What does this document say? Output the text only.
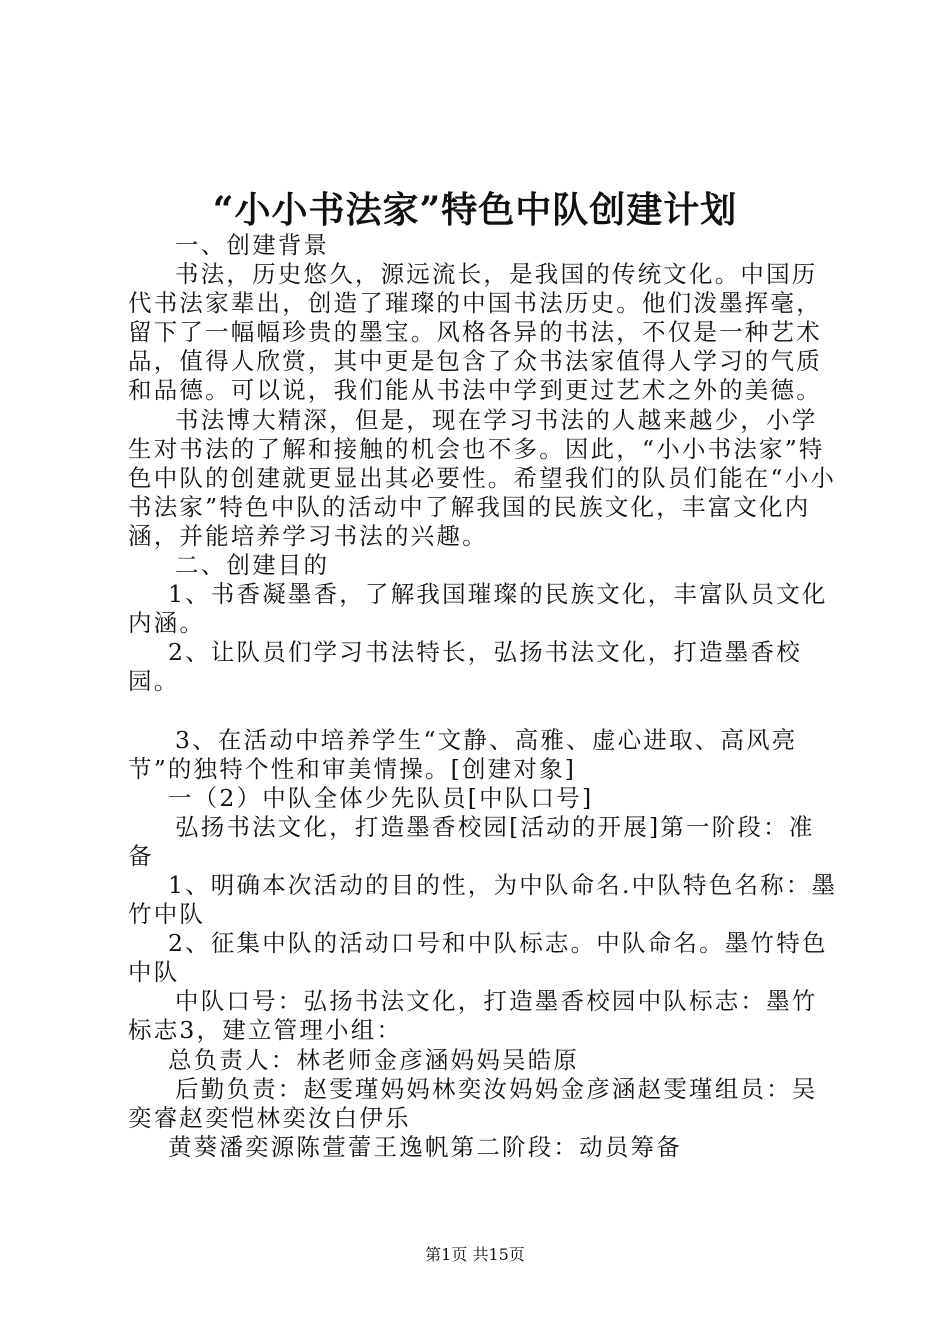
“小小书法家”特色中队创建计划

一、创建背景

书法，历史悠久，源远流长，是我国的传统文化。中国历代书法家辈出，创造了璀璨的中国书法历史。他们泼墨挥毫，留下了一幅幅珍贵的墨宝。风格各异的书法，不仅是一种艺术品，值得人欣赏，其中更是包含了众书法家值得人学习的气质和品德。可以说，我们能从书法中学到更过艺术之外的美德。

书法博大精深，但是，现在学习书法的人越来越少，小学生对书法的了解和接触的机会也不多。因此，“小小书法家”特色中队的创建就更显出其必要性。希望我们的队员们能在“小小书法家”特色中队的活动中了解我国的民族文化，丰富文化内涵，并能培养学习书法的兴趣。

二、创建目的

1、书香凝墨香，了解我国璀璨的民族文化，丰富队员文化内涵。

2、让队员们学习书法特长，弘扬书法文化，打造墨香校园。

3、在活动中培养学生“文静、高雅、虚心进取、高风亮节”的独特个性和审美情操。[创建对象]

一（2）中队全体少先队员[中队口号]

弘扬书法文化，打造墨香校园[活动的开展]第一阶段：准备

1、明确本次活动的目的性，为中队命名.中队特色名称：墨竹中队

2、征集中队的活动口号和中队标志。中队命名。墨竹特色中队

中队口号：弘扬书法文化，打造墨香校园中队标志：墨竹标志3，建立管理小组：

总负责人：林老师金彦涵妈妈吴皓原

后勤负责：赵雯瑾妈妈林奕汝妈妈金彦涵赵雯瑾组员：吴奕睿赵奕恺林奕汝白伊乐

黄葵潘奕源陈萱蕾王逸帆第二阶段：动员筹备

第1页 共15页
